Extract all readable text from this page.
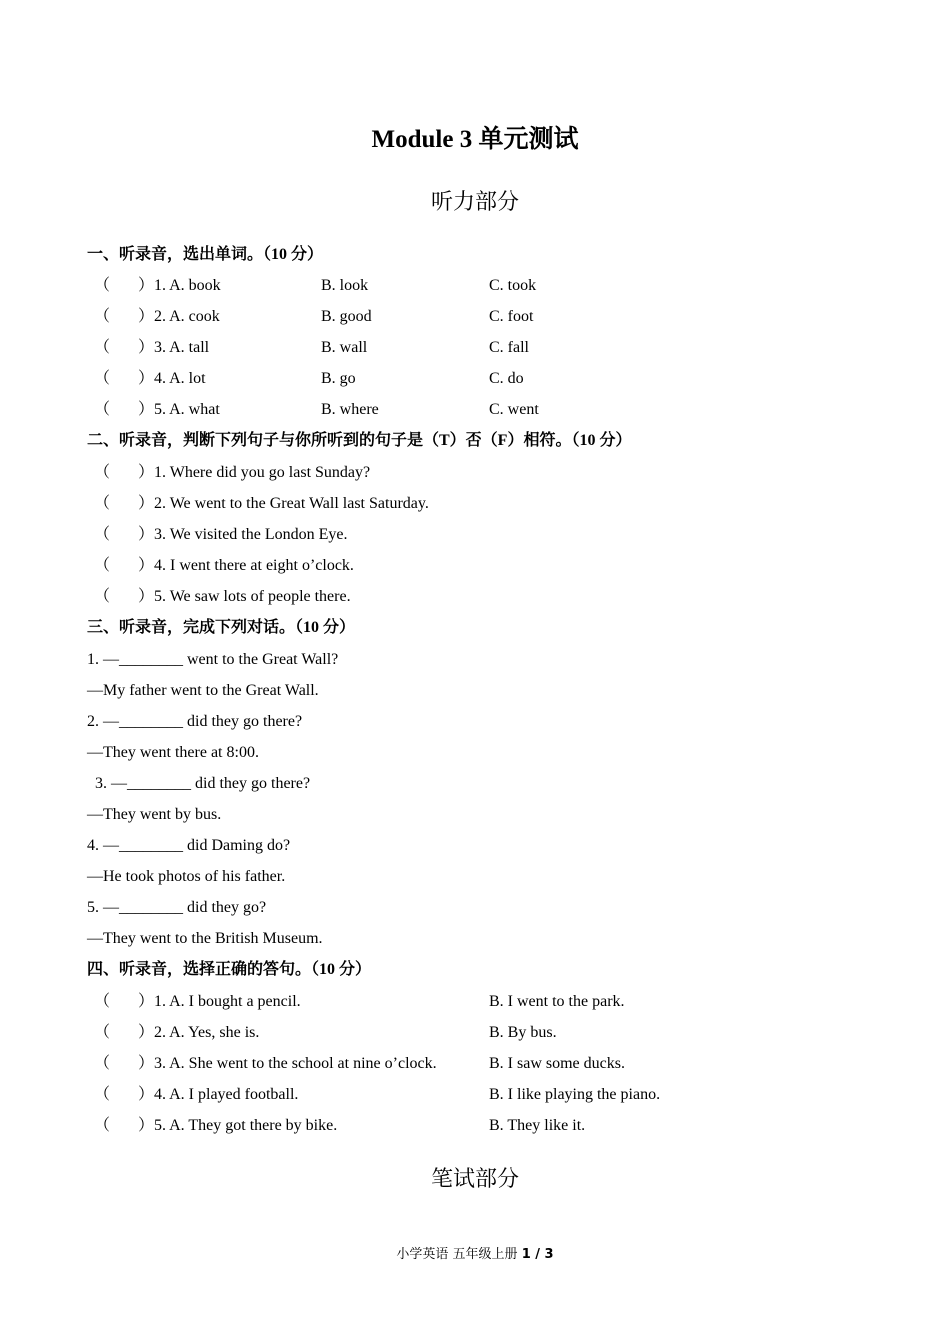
Module 3 单元测试
听力部分
一、听录音，选出单词。（10 分）
（ ） 1. A. book	B. look	C. took
（ ） 2. A. cook	B. good	C. foot
（ ） 3. A. tall	B. wall	C. fall
（ ） 4. A. lot	B. go	C. do
（ ） 5. A. what	B. where	C. went
二、听录音，判断下列句子与你所听到的句子是（T）否（F）相符。（10 分）
（ ） 1. Where did you go last Sunday?
（ ） 2. We went to the Great Wall last Saturday.
（ ） 3. We visited the London Eye.
（ ） 4. I went there at eight o’clock.
（ ） 5. We saw lots of people there.
三、听录音，完成下列对话。（10 分）
1. —________ went to the Great Wall?
—My father went to the Great Wall.
2. —________ did they go there?
—They went there at 8:00.
3. —________ did they go there?
—They went by bus.
4. —________ did Daming do?
—He took photos of his father.
5. —________ did they go?
—They went to the British Museum.
四、听录音，选择正确的答句。（10 分）
（ ） 1. A. I bought a pencil.	B. I went to the park.
（ ） 2. A. Yes, she is.	B. By bus.
（ ） 3. A. She went to the school at nine o’clock.	B. I saw some ducks.
（ ） 4. A. I played football.	B. I like playing the piano.
（ ） 5. A. They got there by bike.	B. They like it.
笔试部分
小学英语 五年级上册 1 / 3
